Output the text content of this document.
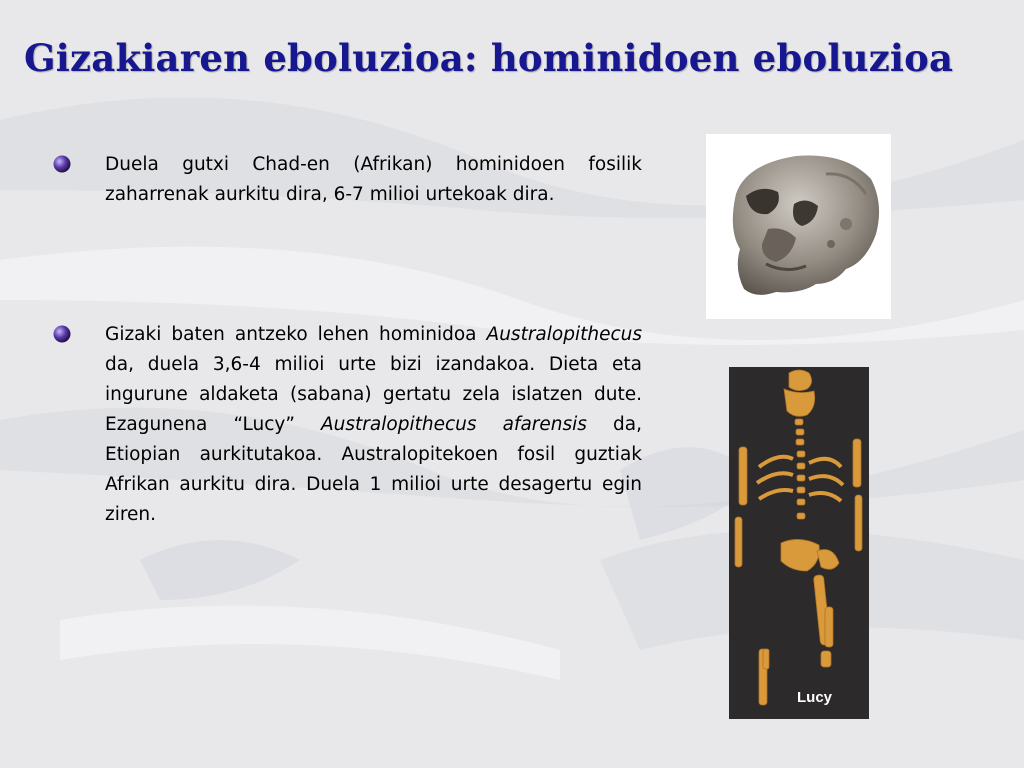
Gizakiaren eboluzioa: hominidoen eboluzioa

Duela gutxi Chad-en (Afrikan) hominidoen fosilik zaharrenak aurkitu dira, 6-7 milioi urtekoak dira.

Gizaki baten antzeko lehen hominidoa Australopithecus da, duela 3,6-4 milioi urte bizi izandakoa. Dieta eta ingurune aldaketa (sabana) gertatu zela islatzen dute. Ezagunena “Lucy” Australopithecus afarensis da, Etiopian aurkitutakoa. Australopitekoen fosil guztiak Afrikan aurkitu dira. Duela 1 milioi urte desagertu egin ziren.

Lucy
